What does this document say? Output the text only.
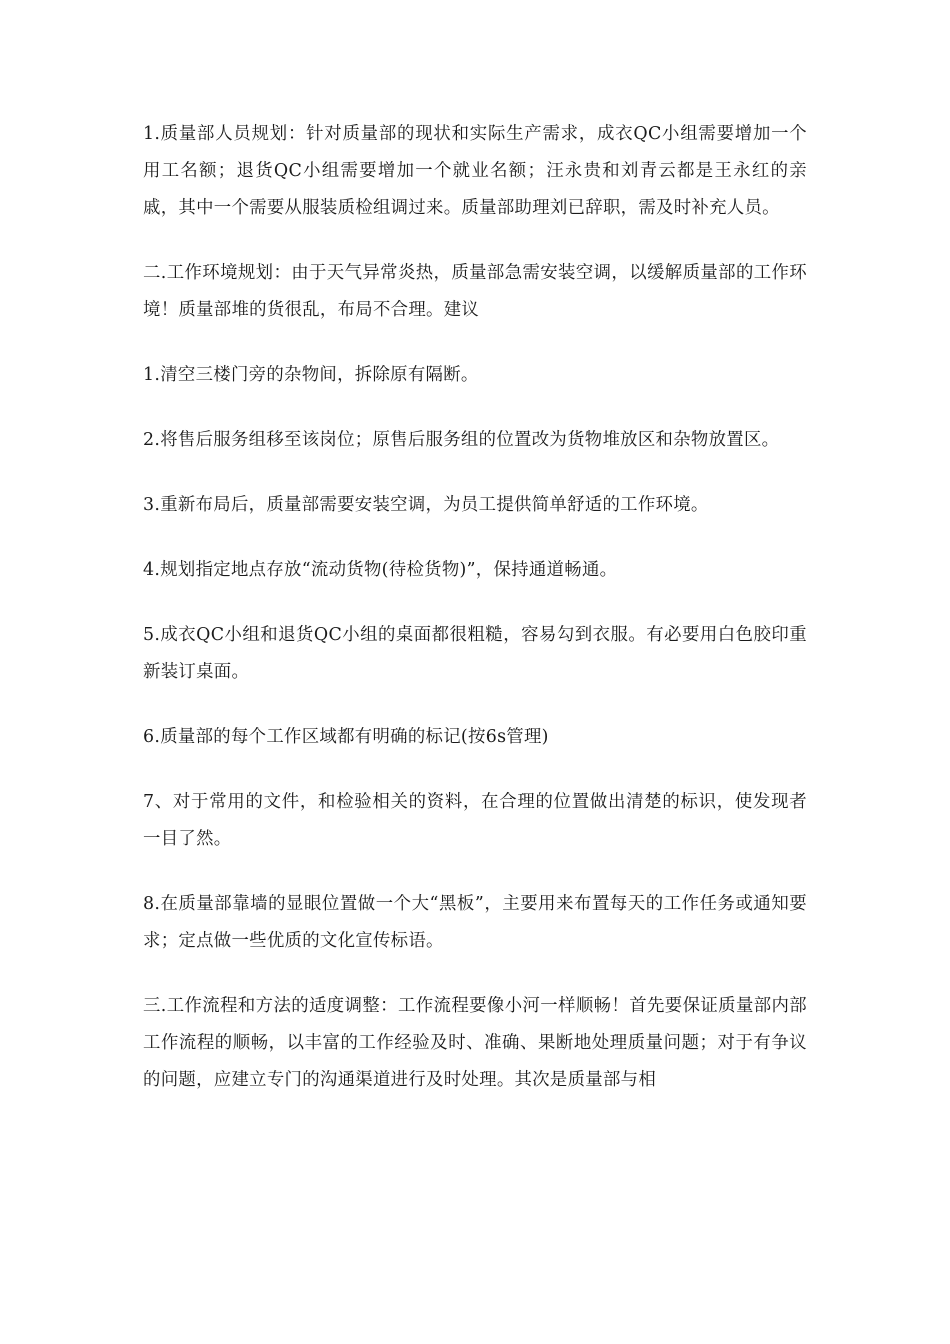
1.质量部人员规划：针对质量部的现状和实际生产需求，成衣QC小组需要增加一个用工名额；退货QC小组需要增加一个就业名额；汪永贵和刘青云都是王永红的亲戚，其中一个需要从服装质检组调过来。质量部助理刘已辞职，需及时补充人员。

二.工作环境规划：由于天气异常炎热，质量部急需安装空调，以缓解质量部的工作环境！质量部堆的货很乱，布局不合理。建议

1.清空三楼门旁的杂物间，拆除原有隔断。

2.将售后服务组移至该岗位；原售后服务组的位置改为货物堆放区和杂物放置区。

3.重新布局后，质量部需要安装空调，为员工提供简单舒适的工作环境。

4.规划指定地点存放“流动货物(待检货物)”，保持通道畅通。

5.成衣QC小组和退货QC小组的桌面都很粗糙，容易勾到衣服。有必要用白色胶印重新装订桌面。

6.质量部的每个工作区域都有明确的标记(按6s管理)

7、对于常用的文件，和检验相关的资料，在合理的位置做出清楚的标识，使发现者一目了然。

8.在质量部靠墙的显眼位置做一个大“黑板”，主要用来布置每天的工作任务或通知要求；定点做一些优质的文化宣传标语。

三.工作流程和方法的适度调整：工作流程要像小河一样顺畅！首先要保证质量部内部工作流程的顺畅，以丰富的工作经验及时、准确、果断地处理质量问题；对于有争议的问题，应建立专门的沟通渠道进行及时处理。其次是质量部与相
